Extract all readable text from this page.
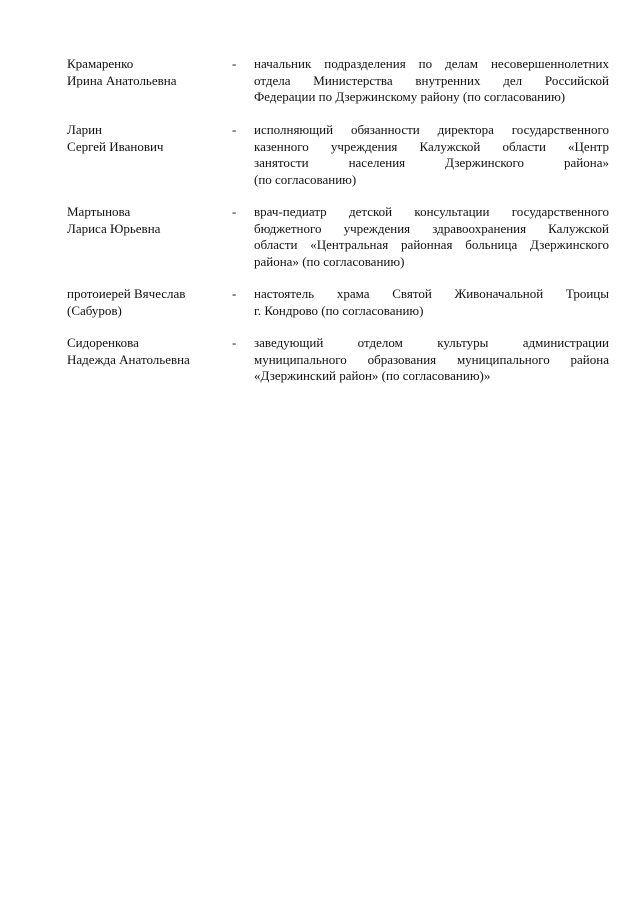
Крамаренко
Ирина Анатольевна
- начальник подразделения по делам несовершеннолетних
отдела Министерства внутренних дел Российской
Федерации по Дзержинскому району (по согласованию)
Ларин
Сергей Иванович
- исполняющий обязанности директора государственного
казенного учреждения Калужской области «Центр
занятости населения Дзержинского района»
(по согласованию)
Мартынова
Лариса Юрьевна
- врач-педиатр детской консультации государственного
бюджетного учреждения здравоохранения Калужской
области «Центральная районная больница Дзержинского
района» (по согласованию)
протоиерей Вячеслав
(Сабуров)
- настоятель храма Святой Живоначальной Троицы
г. Кондрово (по согласованию)
Сидоренкова
Надежда Анатольевна
- заведующий отделом культуры администрации
муниципального образования муниципального района
«Дзержинский район» (по согласованию)»
